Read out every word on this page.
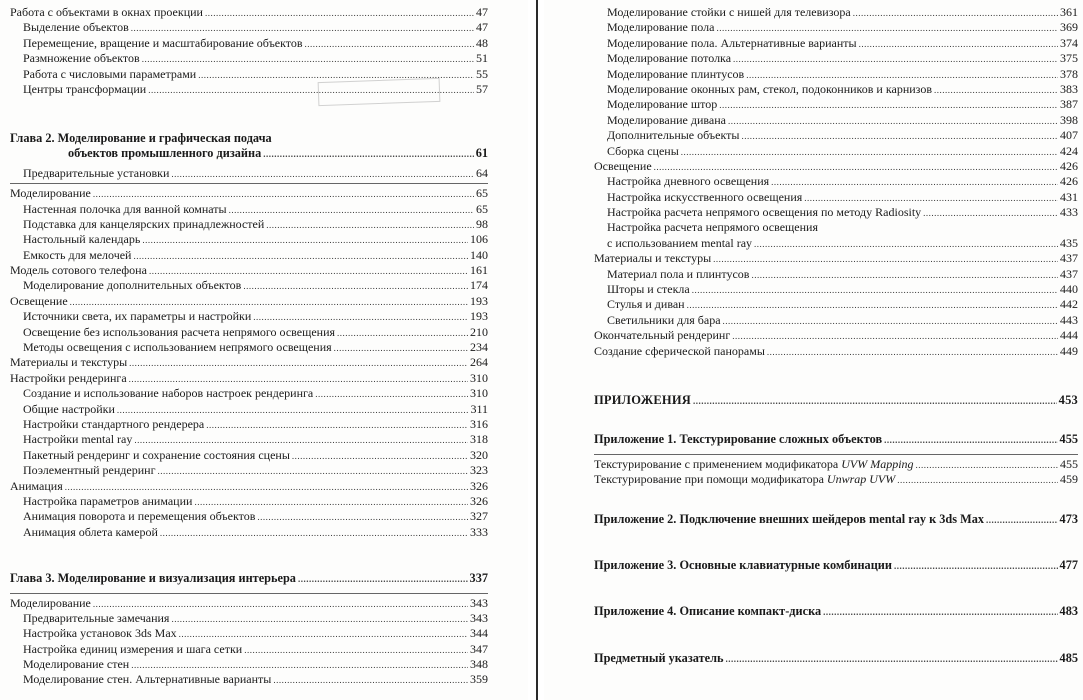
Работа с объектами в окнах проекции .....	47
Выделение объектов .....	47
Перемещение, вращение и масштабирование объектов .....	48
Размножение объектов .....	51
Работа с числовыми параметрами .....	55
Центры трансформации .....	57
Глава 2. Моделирование и графическая подача
объектов промышленного дизайна .....	61
Предварительные установки .....	64
Моделирование .....	65
Настенная полочка для ванной комнаты .....	65
Подставка для канцелярских принадлежностей .....	98
Настольный календарь .....	106
Емкость для мелочей .....	140
Модель сотового телефона .....	161
Моделирование дополнительных объектов .....	174
Освещение .....	193
Источники света, их параметры и настройки .....	193
Освещение без использования расчета непрямого освещения .....	210
Методы освещения с использованием непрямого освещения .....	234
Материалы и текстуры .....	264
Настройки рендеринга .....	310
Создание и использование наборов настроек рендеринга .....	310
Общие настройки .....	311
Настройки стандартного рендерера .....	316
Настройки mental ray .....	318
Пакетный рендеринг и сохранение состояния сцены .....	320
Поэлементный рендеринг .....	323
Анимация .....	326
Настройка параметров анимации .....	326
Анимация поворота и перемещения объектов .....	327
Анимация облета камерой .....	333
Глава 3. Моделирование и визуализация интерьера .....	337
Моделирование .....	343
Предварительные замечания .....	343
Настройка установок 3ds Max .....	344
Настройка единиц измерения и шага сетки .....	347
Моделирование стен .....	348
Моделирование стен. Альтернативные варианты .....	359
Моделирование стойки с нишей для телевизора .....	361
Моделирование пола .....	369
Моделирование пола. Альтернативные варианты .....	374
Моделирование потолка .....	375
Моделирование плинтусов .....	378
Моделирование оконных рам, стекол, подоконников и карнизов .....	383
Моделирование штор .....	387
Моделирование дивана .....	398
Дополнительные объекты .....	407
Сборка сцены .....	424
Освещение .....	426
Настройка дневного освещения .....	426
Настройка искусственного освещения .....	431
Настройка расчета непрямого освещения по методу Radiosity .....	433
Настройка расчета непрямого освещения
с использованием mental ray .....	435
Материалы и текстуры .....	437
Материал пола и плинтусов .....	437
Шторы и стекла .....	440
Стулья и диван .....	442
Светильники для бара .....	443
Окончательный рендеринг .....	444
Создание сферической панорамы .....	449
ПРИЛОЖЕНИЯ .....	453
Приложение 1. Текстурирование сложных объектов .....	455
Текстурирование с применением модификатора UVW Mapping .....	455
Текстурирование при помощи модификатора Unwrap UVW .....	459
Приложение 2. Подключение внешних шейдеров mental ray к 3ds Max .....	473
Приложение 3. Основные клавиатурные комбинации .....	477
Приложение 4. Описание компакт-диска .....	483
Предметный указатель .....	485
